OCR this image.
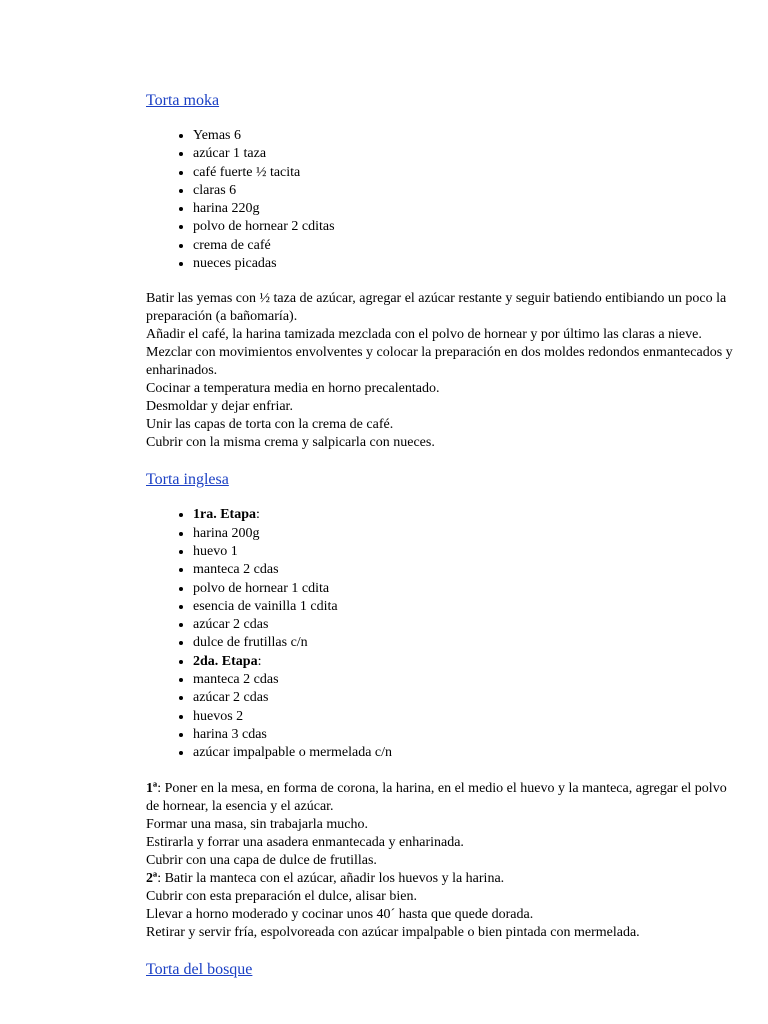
Torta moka
• Yemas 6
• azúcar 1 taza
• café fuerte ½ tacita
• claras 6
• harina 220g
• polvo de hornear 2 cditas
• crema de café
• nueces picadas

Batir las yemas con ½ taza de azúcar, agregar el azúcar restante y seguir batiendo entibiando un poco la preparación (a bañomaría).

Añadir el café, la harina tamizada mezclada con el polvo de hornear y por último las claras a nieve.

Mezclar con movimientos envolventes y colocar la preparación en dos moldes redondos enmantecados y enharinados.

Cocinar a temperatura media en horno precalentado.

Desmoldar y dejar enfriar.

Unir las capas de torta con la crema de café.

Cubrir con la misma crema y salpicarla con nueces.

Torta inglesa
• 1ra. Etapa:
• harina 200g
• huevo 1
• manteca 2 cdas
• polvo de hornear 1 cdita
• esencia de vainilla 1 cdita
• azúcar 2 cdas
• dulce de frutillas c/n
• 2da. Etapa:
• manteca 2 cdas
• azúcar 2 cdas
• huevos 2
• harina 3 cdas
• azúcar impalpable o mermelada c/n

1ª: Poner en la mesa, en forma de corona, la harina, en el medio el huevo y la manteca, agregar el polvo de hornear, la esencia y el azúcar.

Formar una masa, sin trabajarla mucho.

Estirarla y forrar una asadera enmantecada y enharinada.

Cubrir con una capa de dulce de frutillas.

2ª: Batir la manteca con el azúcar, añadir los huevos y la harina.

Cubrir con esta preparación el dulce, alisar bien.

Llevar a horno moderado y cocinar unos 40´ hasta que quede dorada.

Retirar y servir fría, espolvoreada con azúcar impalpable o bien pintada con mermelada.

Torta del bosque
